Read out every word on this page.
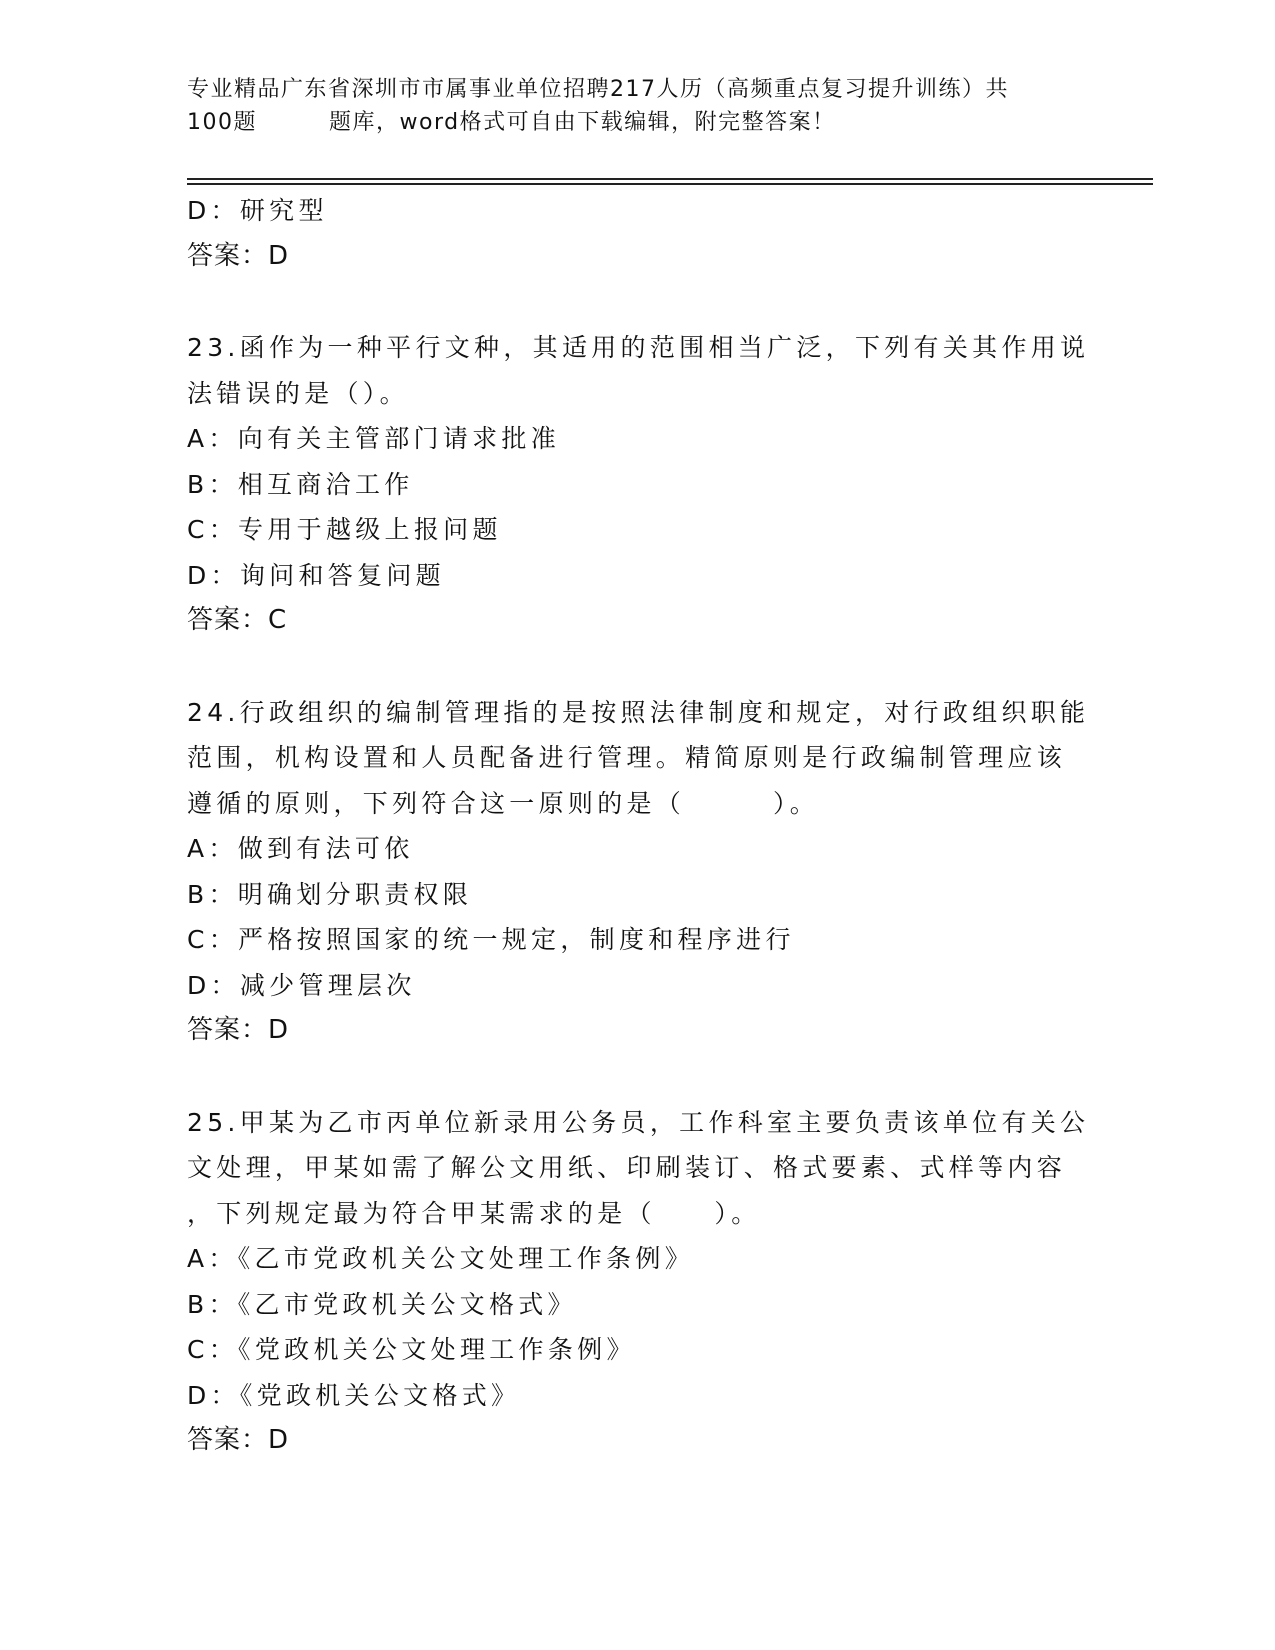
专业精品广东省深圳市市属事业单位招聘217人历（高频重点复习提升训练）共
100题	题库，word格式可自由下载编辑，附完整答案！
D：研究型
答案：D
23.函作为一种平行文种，其适用的范围相当广泛，下列有关其作用说
法错误的是（）。
A：向有关主管部门请求批准
B：相互商洽工作
C：专用于越级上报问题
D：询问和答复问题
答案：C
24.行政组织的编制管理指的是按照法律制度和规定，对行政组织职能
范围，机构设置和人员配备进行管理。精简原则是行政编制管理应该
遵循的原则，下列符合这一原则的是（　　　）。
A：做到有法可依
B：明确划分职责权限
C：严格按照国家的统一规定，制度和程序进行
D：减少管理层次
答案：D
25.甲某为乙市丙单位新录用公务员，工作科室主要负责该单位有关公
文处理，甲某如需了解公文用纸、印刷装订、格式要素、式样等内容
，下列规定最为符合甲某需求的是（　　）。
A：《乙市党政机关公文处理工作条例》
B：《乙市党政机关公文格式》
C：《党政机关公文处理工作条例》
D：《党政机关公文格式》
答案：D
